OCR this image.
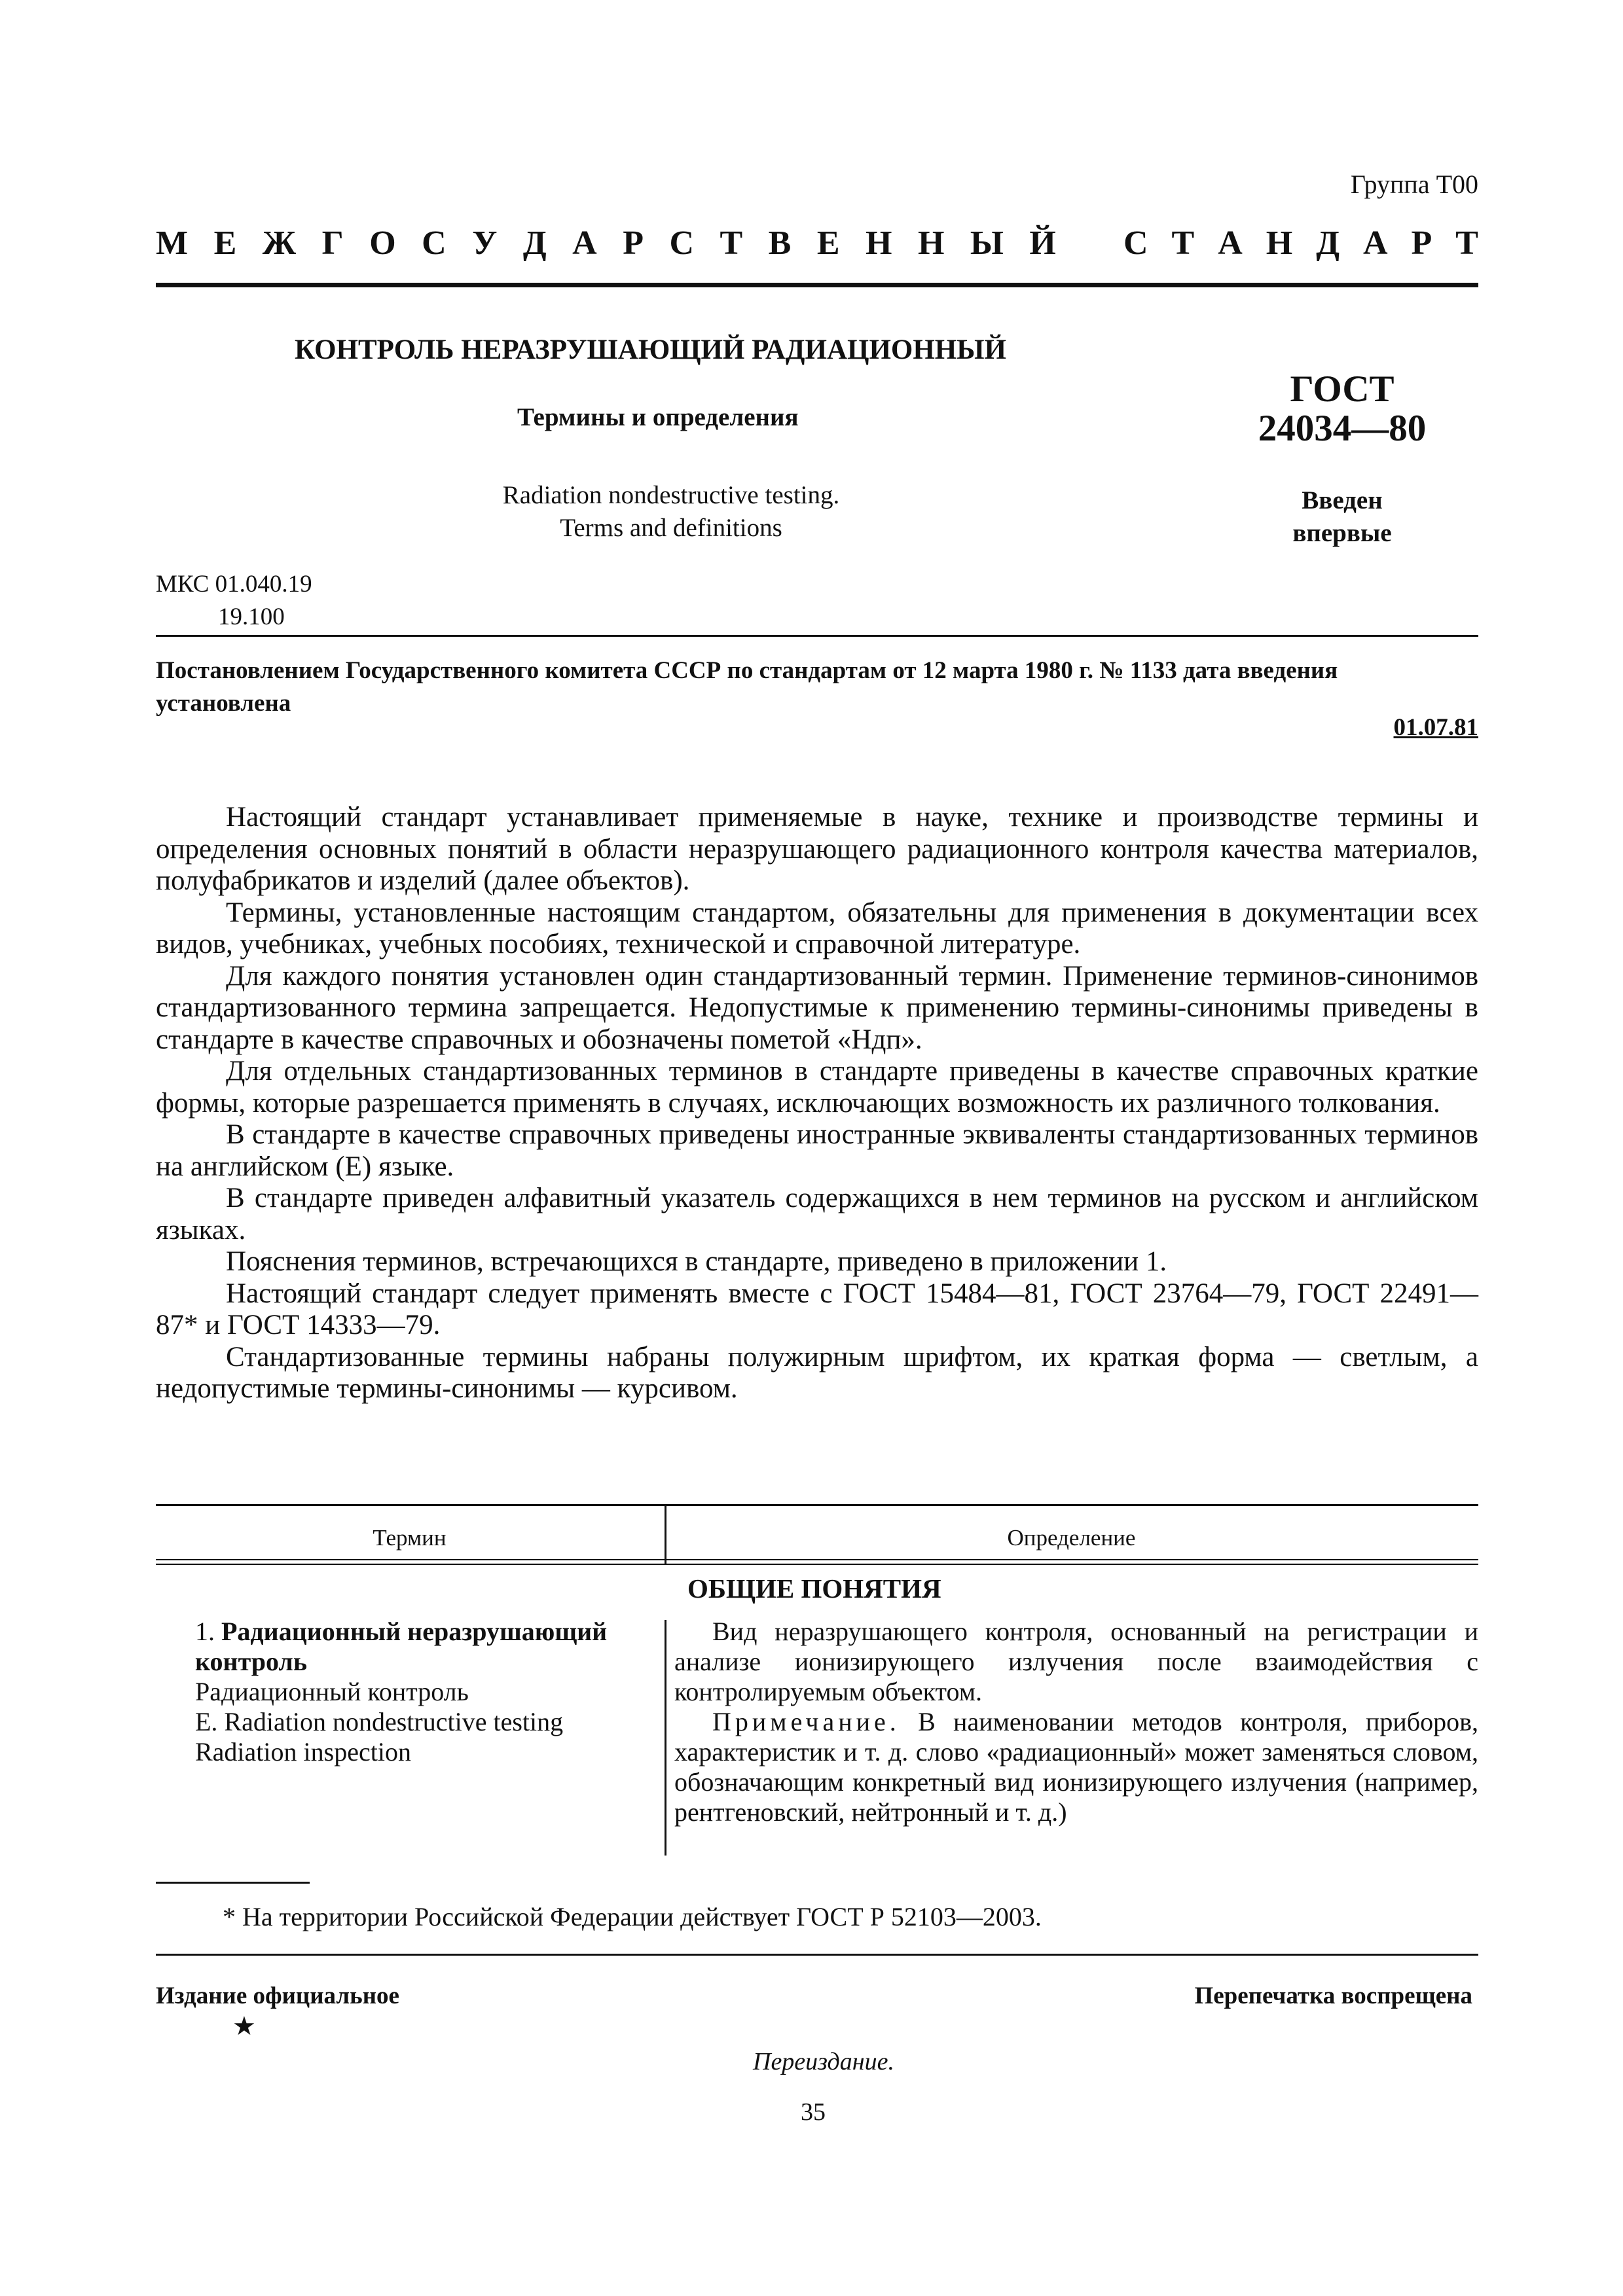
Группа Т00
М Е Ж Г О С У Д А Р С Т В Е Н Н Ы Й С Т А Н Д А Р Т
КОНТРОЛЬ НЕРАЗРУШАЮЩИЙ РАДИАЦИОННЫЙ
Термины и определения
Radiation nondestructive testing.
Terms and definitions
ГОСТ
24034—80
Введен
впервые
МКС 01.040.19
19.100
Постановлением Государственного комитета СССР по стандартам от 12 марта 1980 г. № 1133 дата введения установлена
01.07.81

Настоящий стандарт устанавливает применяемые в науке, технике и производстве термины и определения основных понятий в области неразрушающего радиационного контроля качества материалов, полуфабрикатов и изделий (далее объектов).

Термины, установленные настоящим стандартом, обязательны для применения в документации всех видов, учебниках, учебных пособиях, технической и справочной литературе.

Для каждого понятия установлен один стандартизованный термин. Применение терминов-синонимов стандартизованного термина запрещается. Недопустимые к применению термины-синонимы приведены в стандарте в качестве справочных и обозначены пометой «Ндп».

Для отдельных стандартизованных терминов в стандарте приведены в качестве справочных краткие формы, которые разрешается применять в случаях, исключающих возможность их различного толкования.

В стандарте в качестве справочных приведены иностранные эквиваленты стандартизованных терминов на английском (Е) языке.

В стандарте приведен алфавитный указатель содержащихся в нем терминов на русском и английском языках.

Пояснения терминов, встречающихся в стандарте, приведено в приложении 1.

Настоящий стандарт следует применять вместе с ГОСТ 15484—81, ГОСТ 23764—79, ГОСТ 22491—87* и ГОСТ 14333—79.

Стандартизованные термины набраны полужирным шрифтом, их краткая форма — светлым, а недопустимые термины-синонимы — курсивом.

Термин	Определение
ОБЩИЕ ПОНЯТИЯ
1. Радиационный неразрушающий контроль
Радиационный контроль
E. Radiation nondestructive testing
Radiation inspection

Вид неразрушающего контроля, основанный на регистрации и анализе ионизирующего излучения после взаимодействия с контролируемым объектом.

Примечание. В наименовании методов контроля, приборов, характеристик и т. д. слово «радиационный» может заменяться словом, обозначающим конкретный вид ионизирующего излучения (например, рентгеновский, нейтронный и т. д.)

* На территории Российской Федерации действует ГОСТ Р 52103—2003.
Издание официальное	Перепечатка воспрещена
★
Переиздание.
35
